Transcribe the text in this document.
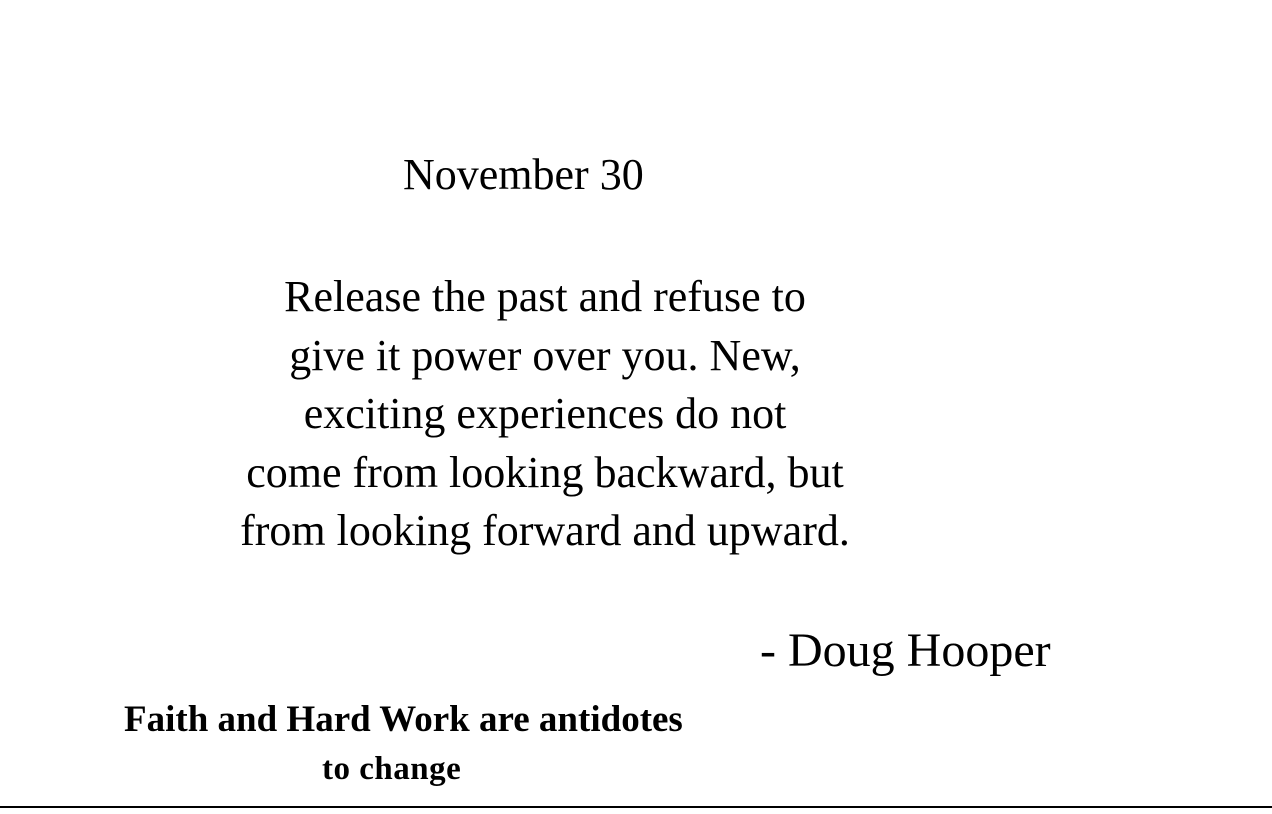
November 30
Release the past and refuse to
give it power over you. New,
exciting experiences do not
come from looking backward, but
from looking forward and upward.
- Doug Hooper
Faith and Hard Work are antidotes
to change
